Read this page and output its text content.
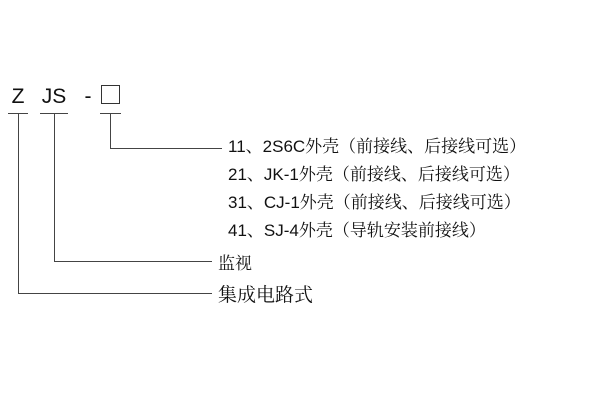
Z JS -
11、2S6C外壳（前接线、后接线可选）
21、JK-1外壳（前接线、后接线可选）
31、CJ-1外壳（前接线、后接线可选）
41、SJ-4外壳（导轨安装前接线）
监视
集成电路式
